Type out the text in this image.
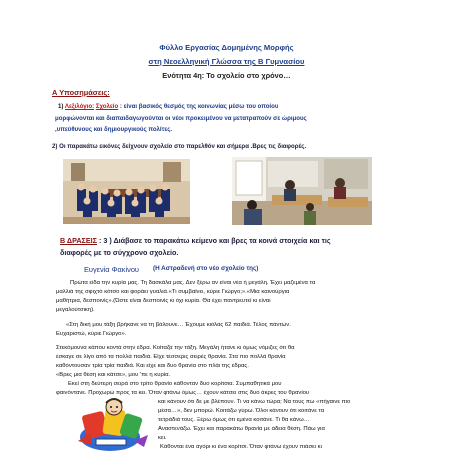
Φύλλο Εργασίας Δομημένης Μορφής
στη Νεοελληνική Γλώσσα της Β Γυμνασίου
Ενότητα 4η: Το σχολείο στο χρόνο…
Α Υποσημάσεις:
1) Λεξιλόγιο: Σχολείο : είναι βασικός θεσμός της κοινωνίας μέσω του οποίου
μορφώνονται και διαπαιδαγωγούνται οι νέοι προκειμένου να μετατραπούν σε ώριμους
,υπεύθυνους και δημιουργικούς πολίτες.
2) Οι παρακάτω εικόνες δείχνουν σχολείο στο παρελθόν και σήμερα .Βρες τις διαφορές.
Β ΔΡΑΣΕΙΣ : 3 ) Διάβασε το παρακάτω κείμενο και βρες τα κοινά στοιχεία και τις
διαφορές με το σύγχρονο σχολείο.
Ευγενία Φακίνου (Η Αστραδενή στο νέο σχολείο της)
Πρώτα είδα την κυρία μας. Τη δασκάλα μας. Δεν ξέρω αν είναι νέα ή μεγάλη. Έχει μαζεμένα τα
μαλλιά της σφιχτό κότσο και φοράει γυαλιά.«Τι συμβαίνει, κύριε Γιώργο;».«Μια καινούργια
μαθήτρια, δεσποινίς».(Ώστε είναι δεσποινίς κι όχι κυρία. Θα έχει παντρευτεί κι είναι
μεγαλούτσικη).
«Στη δική μου τάξη βρήκανε να τη βάλουνε… Έχουμε κιόλας 62 παιδιά. Τέλος πάντων.
Ευχαριστώ, κύριε Γιώργο».
Στεκόμουνα κάπου κοντά στην έδρα. Κοίταζα την τάξη. Μεγάλη ήτανε κι όμως νόμιζες ότι θα
έσκαγε σε λίγο από τα πολλά παιδιά. Είχε τέσσερις σειρές θρανία. Στα πιο πολλά θρανία
καθόντουσαν τρία τρία παιδιά. Και είχε και δυο θρανία στο πλάι της έδρας.
«Βρες μια θέση και κάτσε», μου 'πε η κυρία.
Εκεί στη δεύτερη σειρά στο τρίτο θρανίο κάθονταν δυο κορίτσια. Συμπαθητικά μου
φαινόντανε. Προχωρώ προς τα κει. Όταν φτάνω όμως… έχουν κάτσει στις δυο άκρες του θρανίου
και κάνουν ότι δε με βλέπουν. Τι να κάνω τώρα; Να τους πω «πήγαινε πιο
μέσα…», δεν μπορώ. Κοιτάζω γύρω. Όλοι κάνουν ότι κοιτάνε τα
τετράδιά τους. Ξέρω όμως ότι εμένα κοιτάνε. Τι θα κάνω…
Αναστενάζω. Έχει και παρακάτω θρανία με άδεια θέση. Πάω για
κει.
Κάθονται ένα αγόρι κι ένα κορίτσι. Όταν φτάνω έχουν πιάσει κι
